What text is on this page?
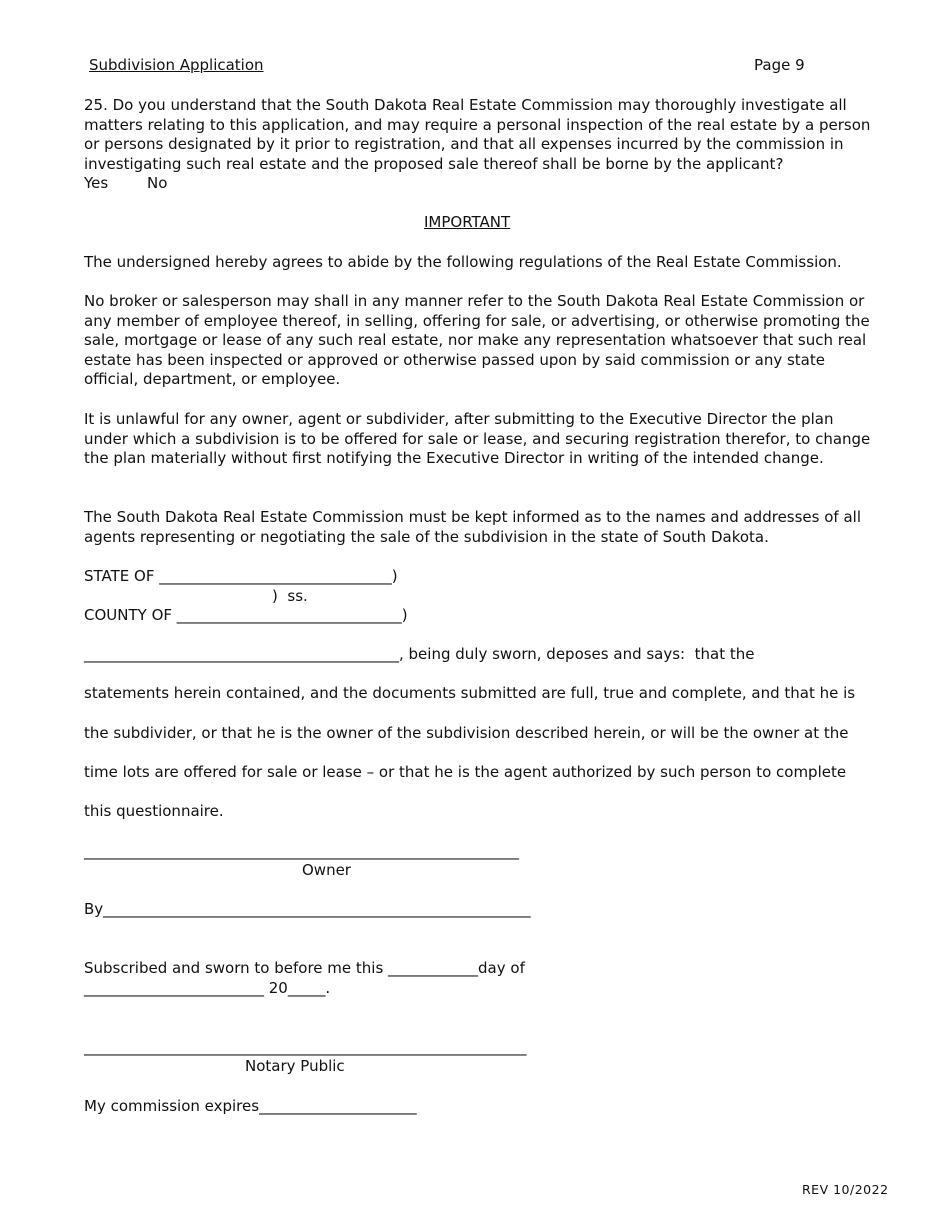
Subdivision Application	Page 9
25. Do you understand that the South Dakota Real Estate Commission may thoroughly investigate all matters relating to this application, and may require a personal inspection of the real estate by a person or persons designated by it prior to registration, and that all expenses incurred by the commission in investigating such real estate and the proposed sale thereof shall be borne by the applicant?
Yes	No
IMPORTANT
The undersigned hereby agrees to abide by the following regulations of the Real Estate Commission.
No broker or salesperson may shall in any manner refer to the South Dakota Real Estate Commission or any member of employee thereof, in selling, offering for sale, or advertising, or otherwise promoting the sale, mortgage or lease of any such real estate, nor make any representation whatsoever that such real estate has been inspected or approved or otherwise passed upon by said commission or any state official, department, or employee.
It is unlawful for any owner, agent or subdivider, after submitting to the Executive Director the plan under which a subdivision is to be offered for sale or lease, and securing registration therefor, to change the plan materially without first notifying the Executive Director in writing of the intended change.
The South Dakota Real Estate Commission must be kept informed as to the names and addresses of all agents representing or negotiating the sale of the subdivision in the state of South Dakota.
STATE OF _______________________________)
)  ss.
COUNTY OF ______________________________)
__________________________________________, being duly sworn, deposes and says:  that the
statements herein contained, and the documents submitted are full, true and complete, and that he is
the subdivider, or that he is the owner of the subdivision described herein, or will be the owner at the
time lots are offered for sale or lease – or that he is the agent authorized by such person to complete
this questionnaire.
__________________________________________________________
Owner
By_________________________________________________________
Subscribed and sworn to before me this ____________day of
________________________ 20_____.
___________________________________________________________
Notary Public
My commission expires_____________________
REV 10/2022
